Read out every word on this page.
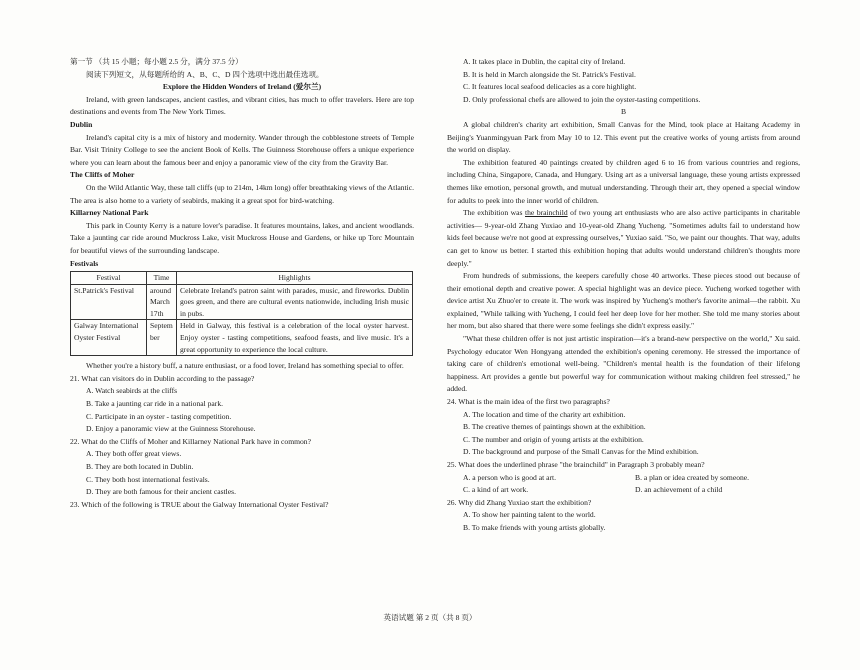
第一节 （共 15 小题；每小题 2.5 分，满分 37.5 分）

阅读下列短文，从每题所给的 A、B、C、D 四个选项中选出最佳选项。

Explore the Hidden Wonders of Ireland (爱尔兰)

Ireland, with green landscapes, ancient castles, and vibrant cities, has much to offer travelers. Here are top destinations and events from The New York Times.

Dublin

Ireland's capital city is a mix of history and modernity. Wander through the cobblestone streets of Temple Bar. Visit Trinity College to see the ancient Book of Kells. The Guinness Storehouse offers a unique experience where you can learn about the famous beer and enjoy a panoramic view of the city from the Gravity Bar.

The Cliffs of Moher

On the Wild Atlantic Way, these tall cliffs (up to 214m, 14km long) offer breathtaking views of the Atlantic. The area is also home to a variety of seabirds, making it a great spot for bird-watching.

Killarney National Park

This park in County Kerry is a nature lover's paradise. It features mountains, lakes, and ancient woodlands. Take a jaunting car ride around Muckross Lake, visit Muckross House and Gardens, or hike up Torc Mountain for beautiful views of the surrounding landscape.

Festivals

Festival	Time	Highlights
St.Patrick's Festival	around March 17th	Celebrate Ireland's patron saint with parades, music, and fireworks. Dublin goes green, and there are cultural events nationwide, including Irish music in pubs.
Galway International Oyster Festival	September	Held in Galway, this festival is a celebration of the local oyster harvest. Enjoy oyster - tasting competitions, seafood feasts, and live music. It's a great opportunity to experience the local culture.

Whether you're a history buff, a nature enthusiast, or a food lover, Ireland has something special to offer.

21. What can visitors do in Dublin according to the passage?

A. Watch seabirds at the cliffs

B. Take a jaunting car ride in a national park.

C. Participate in an oyster - tasting competition.

D. Enjoy a panoramic view at the Guinness Storehouse.

22. What do the Cliffs of Moher and Killarney National Park have in common?

A. They both offer great views.

B. They are both located in Dublin.

C. They both host international festivals.

D. They are both famous for their ancient castles.

23. Which of the following is TRUE about the Galway International Oyster Festival?

A. It takes place in Dublin, the capital city of Ireland.

B. It is held in March alongside the St. Patrick's Festival.

C. It features local seafood delicacies as a core highlight.

D. Only professional chefs are allowed to join the oyster-tasting competitions.

B

A global children's charity art exhibition, Small Canvas for the Mind, took place at Haitang Academy in Beijing's Yuanmingyuan Park from May 10 to 12. This event put the creative works of young artists from around the world on display.

The exhibition featured 40 paintings created by children aged 6 to 16 from various countries and regions, including China, Singapore, Canada, and Hungary. Using art as a universal language, these young artists expressed themes like emotion, personal growth, and mutual understanding. Through their art, they opened a special window for adults to peek into the inner world of children.

The exhibition was the brainchild of two young art enthusiasts who are also active participants in charitable activities— 9-year-old Zhang Yuxiao and 10-year-old Zhang Yucheng. "Sometimes adults fail to understand how kids feel because we're not good at expressing ourselves," Yuxiao said. "So, we paint our thoughts. That way, adults can get to know us better. I started this exhibition hoping that adults would understand children's thoughts more deeply."

From hundreds of submissions, the keepers carefully chose 40 artworks. These pieces stood out because of their emotional depth and creative power. A special highlight was an device piece. Yucheng worked together with device artist Xu Zhuo'er to create it. The work was inspired by Yucheng's mother's favorite animal—the rabbit. Xu explained, "While talking with Yucheng, I could feel her deep love for her mother. She told me many stories about her mom, but also shared that there were some feelings she didn't express easily."

"What these children offer is not just artistic inspiration—it's a brand-new perspective on the world," Xu said. Psychology educator Wen Hongyang attended the exhibition's opening ceremony. He stressed the importance of taking care of children's emotional well-being. "Children's mental health is the foundation of their lifelong happiness. Art provides a gentle but powerful way for communication without making children feel stressed," he added.

24. What is the main idea of the first two paragraphs?

A. The location and time of the charity art exhibition.

B. The creative themes of paintings shown at the exhibition.

C. The number and origin of young artists at the exhibition.

D. The background and purpose of the Small Canvas for the Mind exhibition.

25. What does the underlined phrase "the brainchild" in Paragraph 3 probably mean?

A. a person who is good at art.	B. a plan or idea created by someone.
C. a kind of art work.	D. an achievement of a child

26. Why did Zhang Yuxiao start the exhibition?

A. To show her painting talent to the world.

B. To make friends with young artists globally.

英语试题 第 2 页（共 8 页）
